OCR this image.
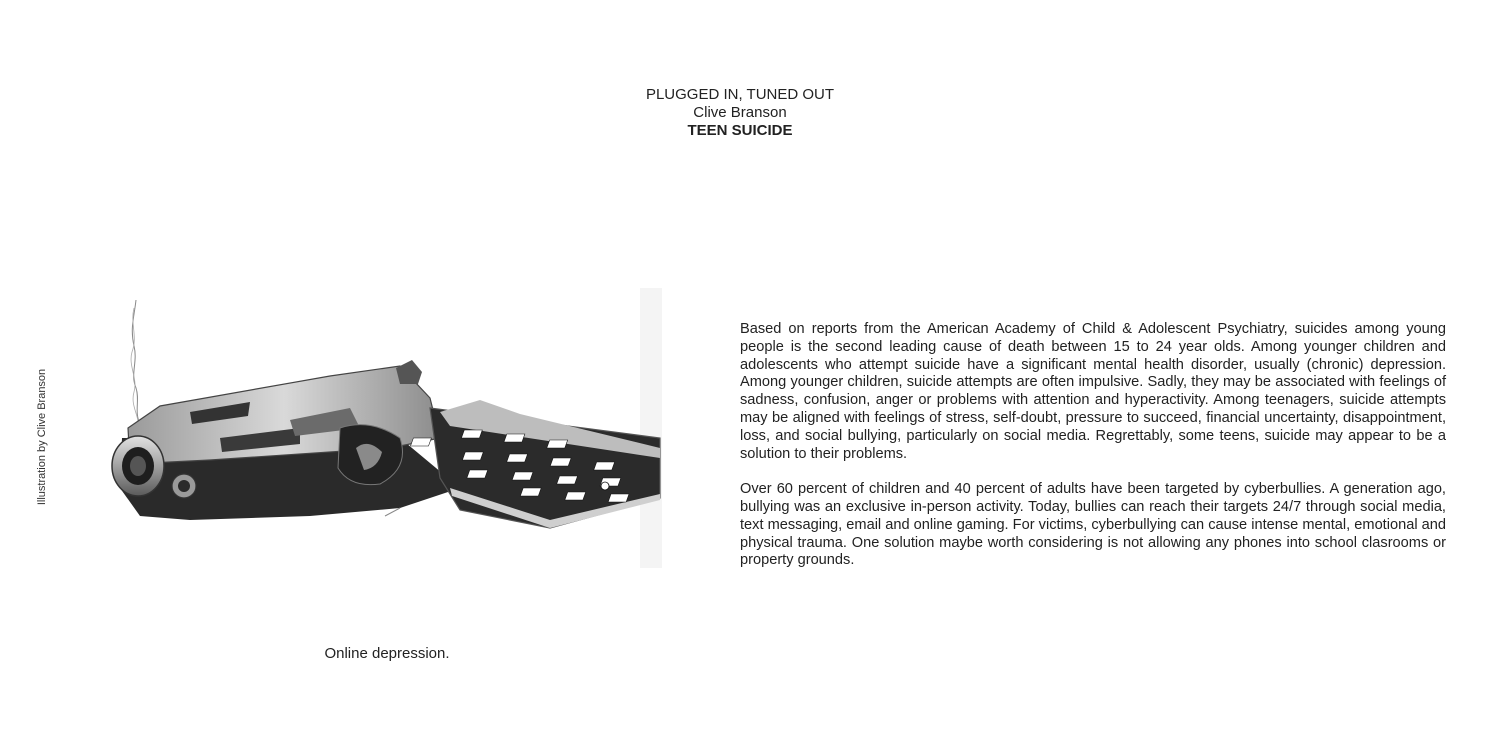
PLUGGED IN, TUNED OUT
Clive Branson
TEEN SUICIDE
Illustration by Clive Branson
Online depression.

Based on reports from the American Academy of Child & Adolescent Psychiatry, suicides among young people is the second leading cause of death between 15 to 24 year olds. Among younger children and adolescents who attempt suicide have a significant mental health disorder, usually (chronic) depression. Among younger children, suicide attempts are often impulsive. Sadly, they may be associated with feelings of sadness, confusion, anger or problems with attention and hyperactivity. Among teenagers, suicide attempts may be aligned with feelings of stress, self-doubt, pressure to succeed, financial uncertainty, disappointment, loss, and social bullying, particularly on social media. Regrettably, some teens, suicide may appear to be a solution to their problems.

Over 60 percent of children and 40 percent of adults have been targeted by cyberbullies. A generation ago, bullying was an exclusive in-person activity. Today, bullies can reach their targets 24/7 through social media, text messaging, email and online gaming. For victims, cyberbullying can cause intense mental, emotional and physical trauma. One solution maybe worth considering is not allowing any phones into school clasrooms or property grounds.
